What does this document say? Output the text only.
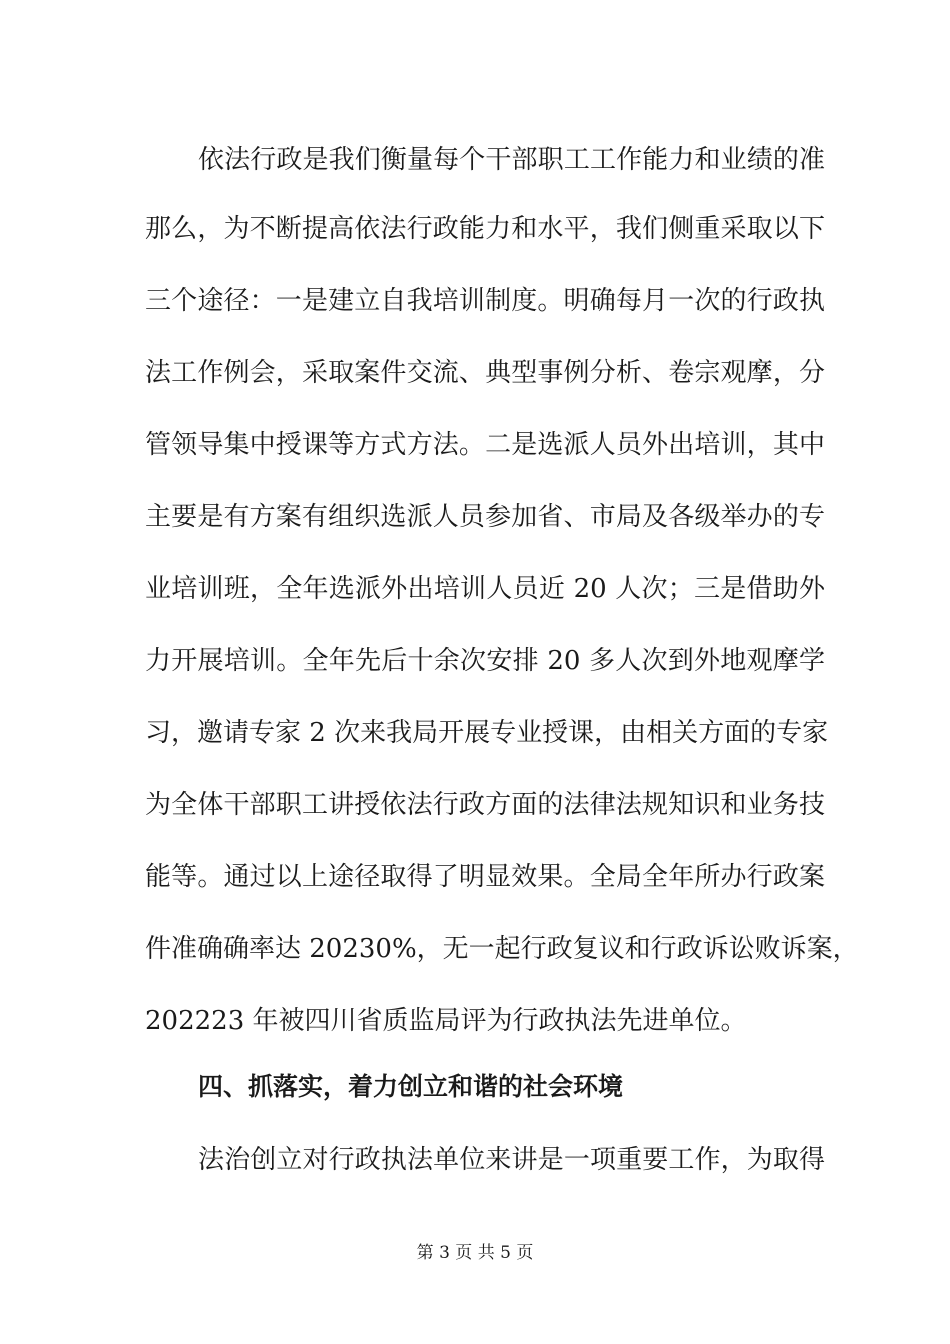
依法行政是我们衡量每个干部职工工作能力和业绩的准
那么，为不断提高依法行政能力和水平，我们侧重采取以下
三个途径：一是建立自我培训制度。明确每月一次的行政执
法工作例会，采取案件交流、典型事例分析、卷宗观摩，分
管领导集中授课等方式方法。二是选派人员外出培训，其中
主要是有方案有组织选派人员参加省、市局及各级举办的专
业培训班，全年选派外出培训人员近 20 人次；三是借助外
力开展培训。全年先后十余次安排 20 多人次到外地观摩学
习，邀请专家 2 次来我局开展专业授课，由相关方面的专家
为全体干部职工讲授依法行政方面的法律法规知识和业务技
能等。通过以上途径取得了明显效果。全局全年所办行政案
件准确确率达 20230%，无一起行政复议和行政诉讼败诉案，
202223 年被四川省质监局评为行政执法先进单位。
四、抓落实，着力创立和谐的社会环境
法治创立对行政执法单位来讲是一项重要工作，为取得
第 3 页 共 5 页
